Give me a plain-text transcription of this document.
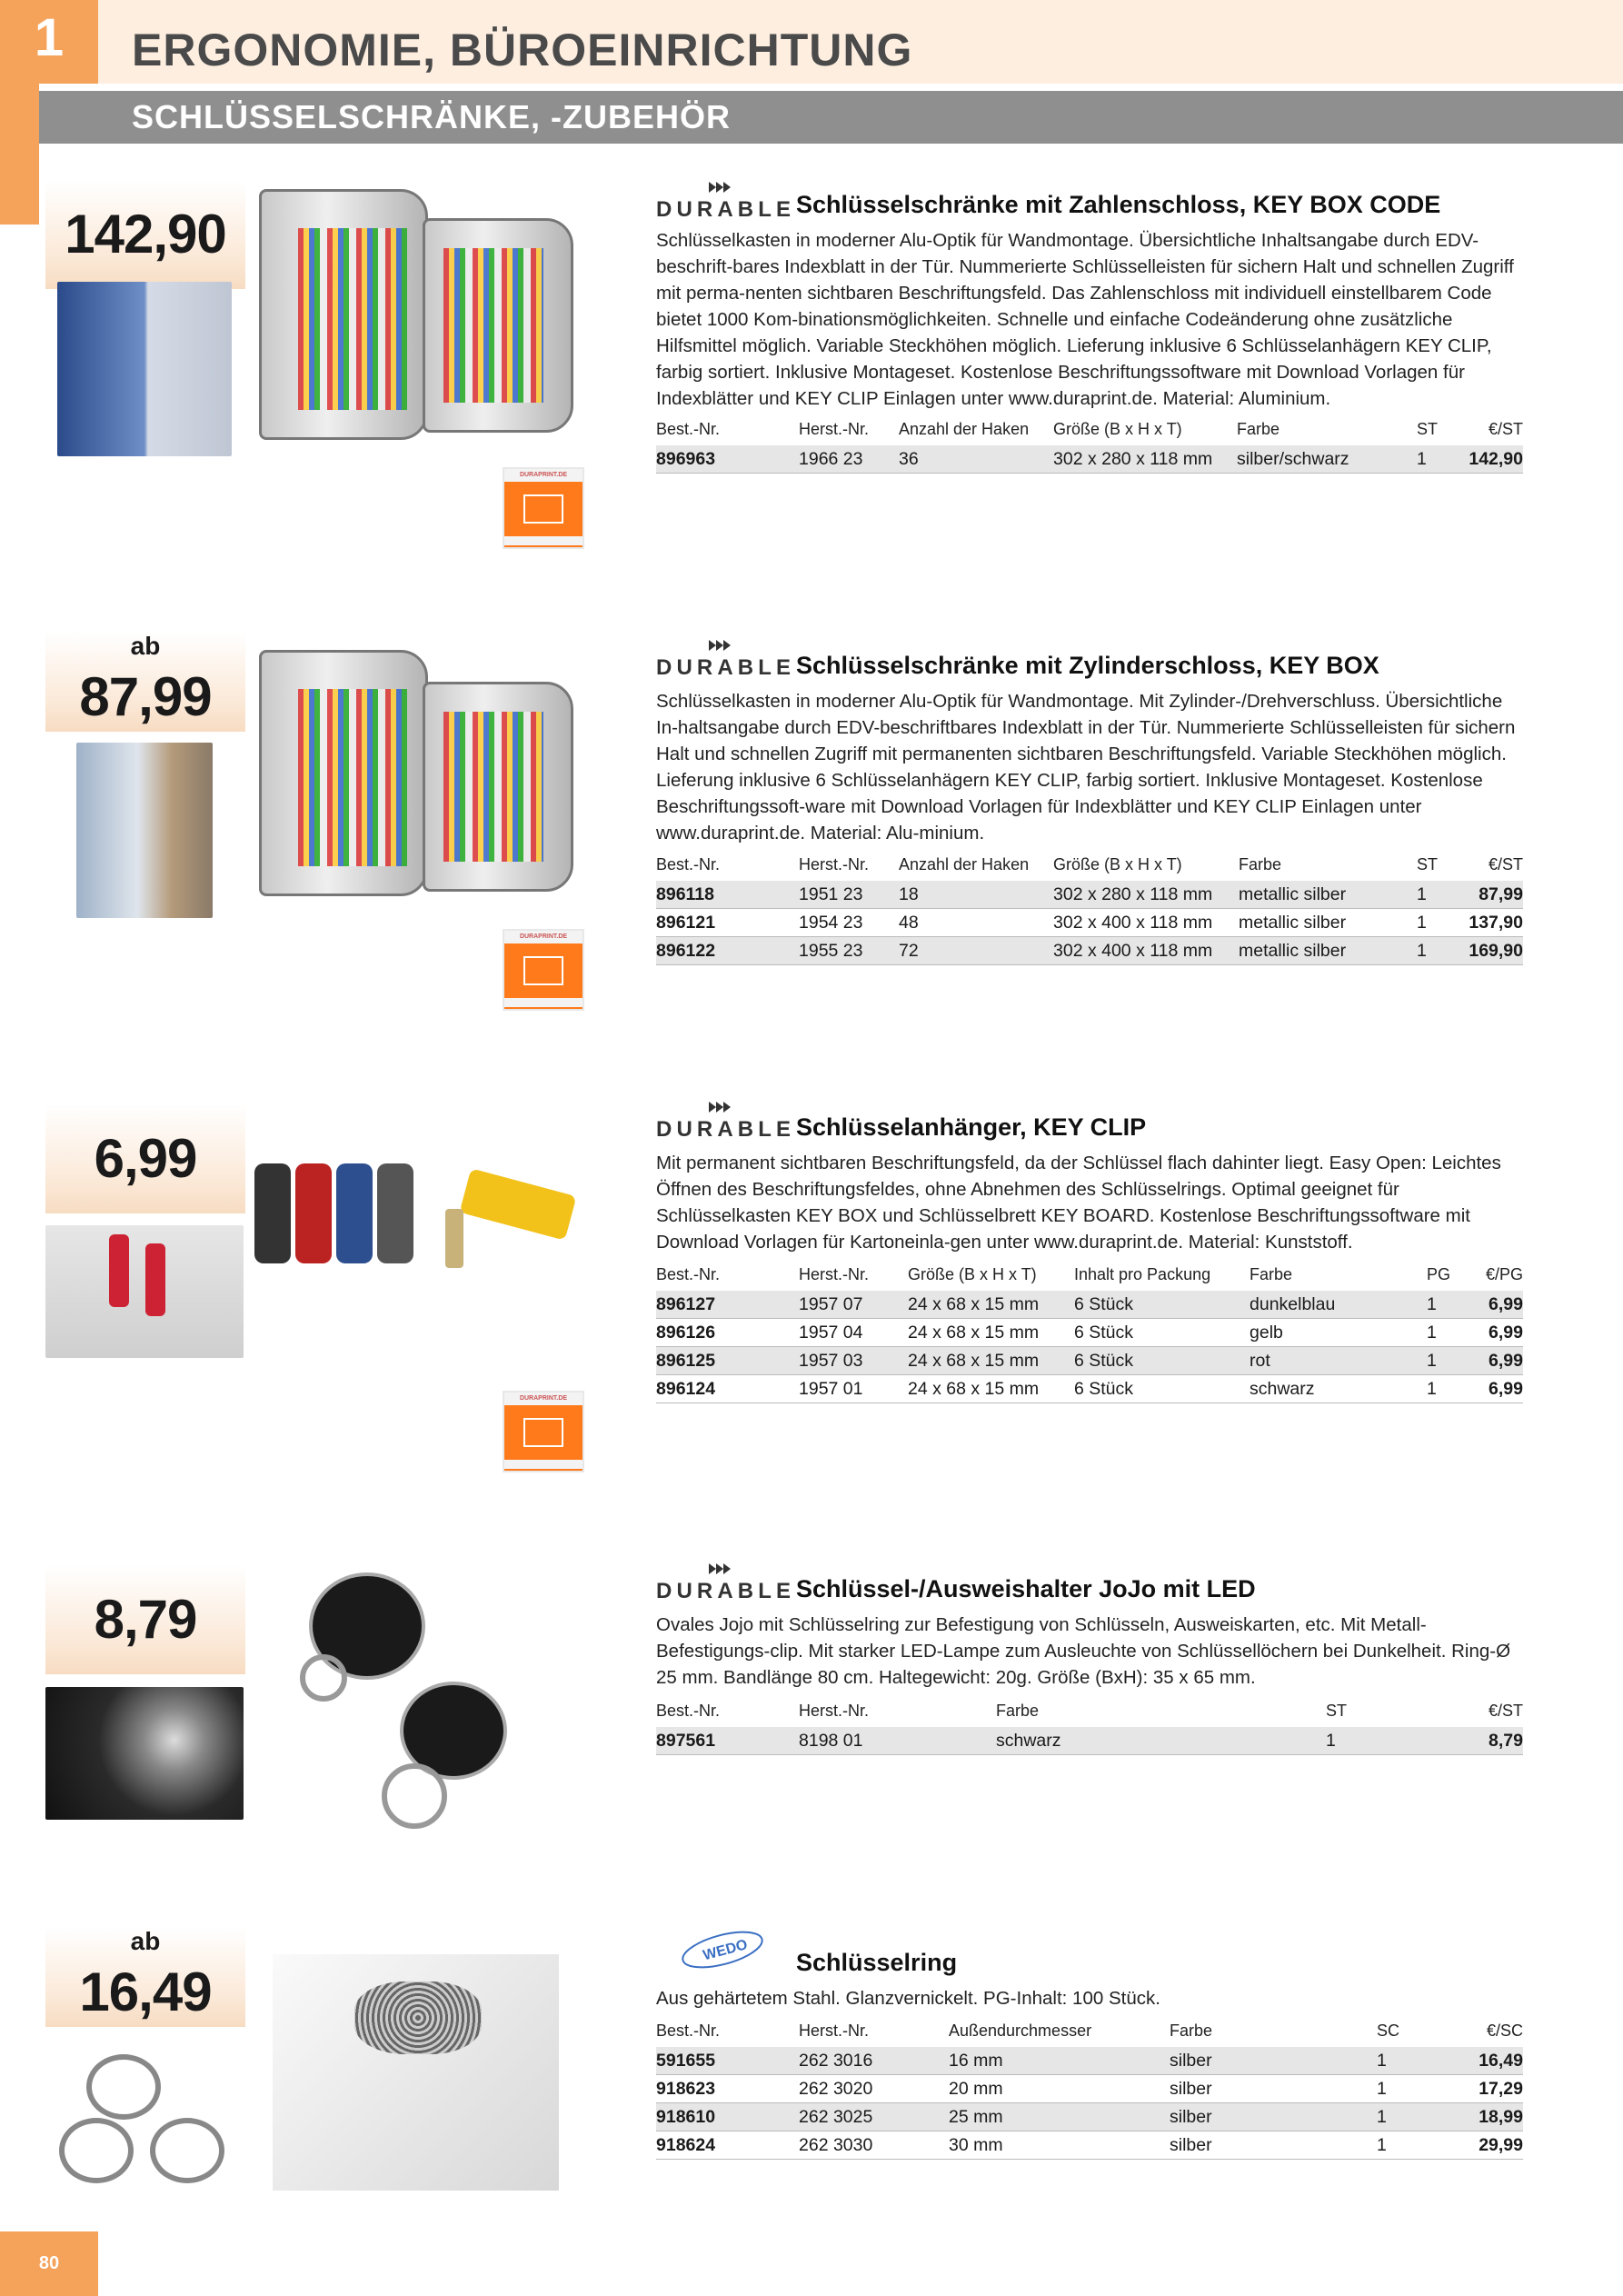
1	ERGONOMIE, BÜROEINRICHTUNG
SCHLÜSSELSCHRÄNKE, -ZUBEHÖR
142,90
DURAPRINT.DE
DURABLE Schlüsselschränke mit Zahlenschloss, KEY BOX CODE
Schlüsselkasten in moderner Alu-Optik für Wandmontage. Übersichtliche Inhaltsangabe durch EDV-beschrift-bares Indexblatt in der Tür. Nummerierte Schlüsselleisten für sichern Halt und schnellen Zugriff mit perma-nenten sichtbaren Beschriftungsfeld. Das Zahlenschloss mit individuell einstellbarem Code bietet 1000 Kom-binationsmöglichkeiten. Schnelle und einfache Codeänderung ohne zusätzliche Hilfsmittel möglich. Variable Steckhöhen möglich. Lieferung inklusive 6 Schlüsselanhägern KEY CLIP, farbig sortiert. Inklusive Montageset. Kostenlose Beschriftungssoftware mit Download Vorlagen für Indexblätter und KEY CLIP Einlagen unter www.duraprint.de. Material: Aluminium.
Best.-Nr.	Herst.-Nr.	Anzahl der Haken	Größe (B x H x T)	Farbe	ST	€/ST
896963	1966 23	36	302 x 280 x 118 mm	silber/schwarz	1	142,90
ab
87,99
DURAPRINT.DE
DURABLE Schlüsselschränke mit Zylinderschloss, KEY BOX
Schlüsselkasten in moderner Alu-Optik für Wandmontage. Mit Zylinder-/Drehverschluss. Übersichtliche In-haltsangabe durch EDV-beschriftbares Indexblatt in der Tür. Nummerierte Schlüsselleisten für sichern Halt und schnellen Zugriff mit permanenten sichtbaren Beschriftungsfeld. Variable Steckhöhen möglich. Lieferung inklusive 6 Schlüsselanhägern KEY CLIP, farbig sortiert. Inklusive Montageset. Kostenlose Beschriftungssoft-ware mit Download Vorlagen für Indexblätter und KEY CLIP Einlagen unter www.duraprint.de. Material: Alu-minium.
Best.-Nr.	Herst.-Nr.	Anzahl der Haken	Größe (B x H x T)	Farbe	ST	€/ST
896118	1951 23	18	302 x 280 x 118 mm	metallic silber	1	87,99
896121	1954 23	48	302 x 400 x 118 mm	metallic silber	1	137,90
896122	1955 23	72	302 x 400 x 118 mm	metallic silber	1	169,90
6,99
DURAPRINT.DE
DURABLE Schlüsselanhänger, KEY CLIP
Mit permanent sichtbaren Beschriftungsfeld, da der Schlüssel flach dahinter liegt. Easy Open: Leichtes Öffnen des Beschriftungsfeldes, ohne Abnehmen des Schlüsselrings. Optimal geeignet für Schlüsselkasten KEY BOX und Schlüsselbrett KEY BOARD. Kostenlose Beschriftungssoftware mit Download Vorlagen für Kartoneinla-gen unter www.duraprint.de. Material: Kunststoff.
Best.-Nr.	Herst.-Nr.	Größe (B x H x T)	Inhalt pro Packung	Farbe	PG	€/PG
896127	1957 07	24 x 68 x 15 mm	6 Stück	dunkelblau	1	6,99
896126	1957 04	24 x 68 x 15 mm	6 Stück	gelb	1	6,99
896125	1957 03	24 x 68 x 15 mm	6 Stück	rot	1	6,99
896124	1957 01	24 x 68 x 15 mm	6 Stück	schwarz	1	6,99
8,79	DURABLE Schlüssel-/Ausweishalter JoJo mit LED
Ovales Jojo mit Schlüsselring zur Befestigung von Schlüsseln, Ausweiskarten, etc. Mit Metall-Befestigungs-clip. Mit starker LED-Lampe zum Ausleuchte von Schlüssellöchern bei Dunkelheit. Ring-Ø 25 mm. Bandlänge 80 cm. Haltegewicht: 20g. Größe (BxH): 35 x 65 mm.
Best.-Nr.	Herst.-Nr.	Farbe	ST	€/ST
897561	8198 01	schwarz	1	8,79
ab
16,49
WEDO Schlüsselring
Aus gehärtetem Stahl. Glanzvernickelt. PG-Inhalt: 100 Stück.
Best.-Nr.	Herst.-Nr.	Außendurchmesser	Farbe	SC	€/SC
591655	262 3016	16 mm	silber	1	16,49
918623	262 3020	20 mm	silber	1	17,29
918610	262 3025	25 mm	silber	1	18,99
918624	262 3030	30 mm	silber	1	29,99
80
